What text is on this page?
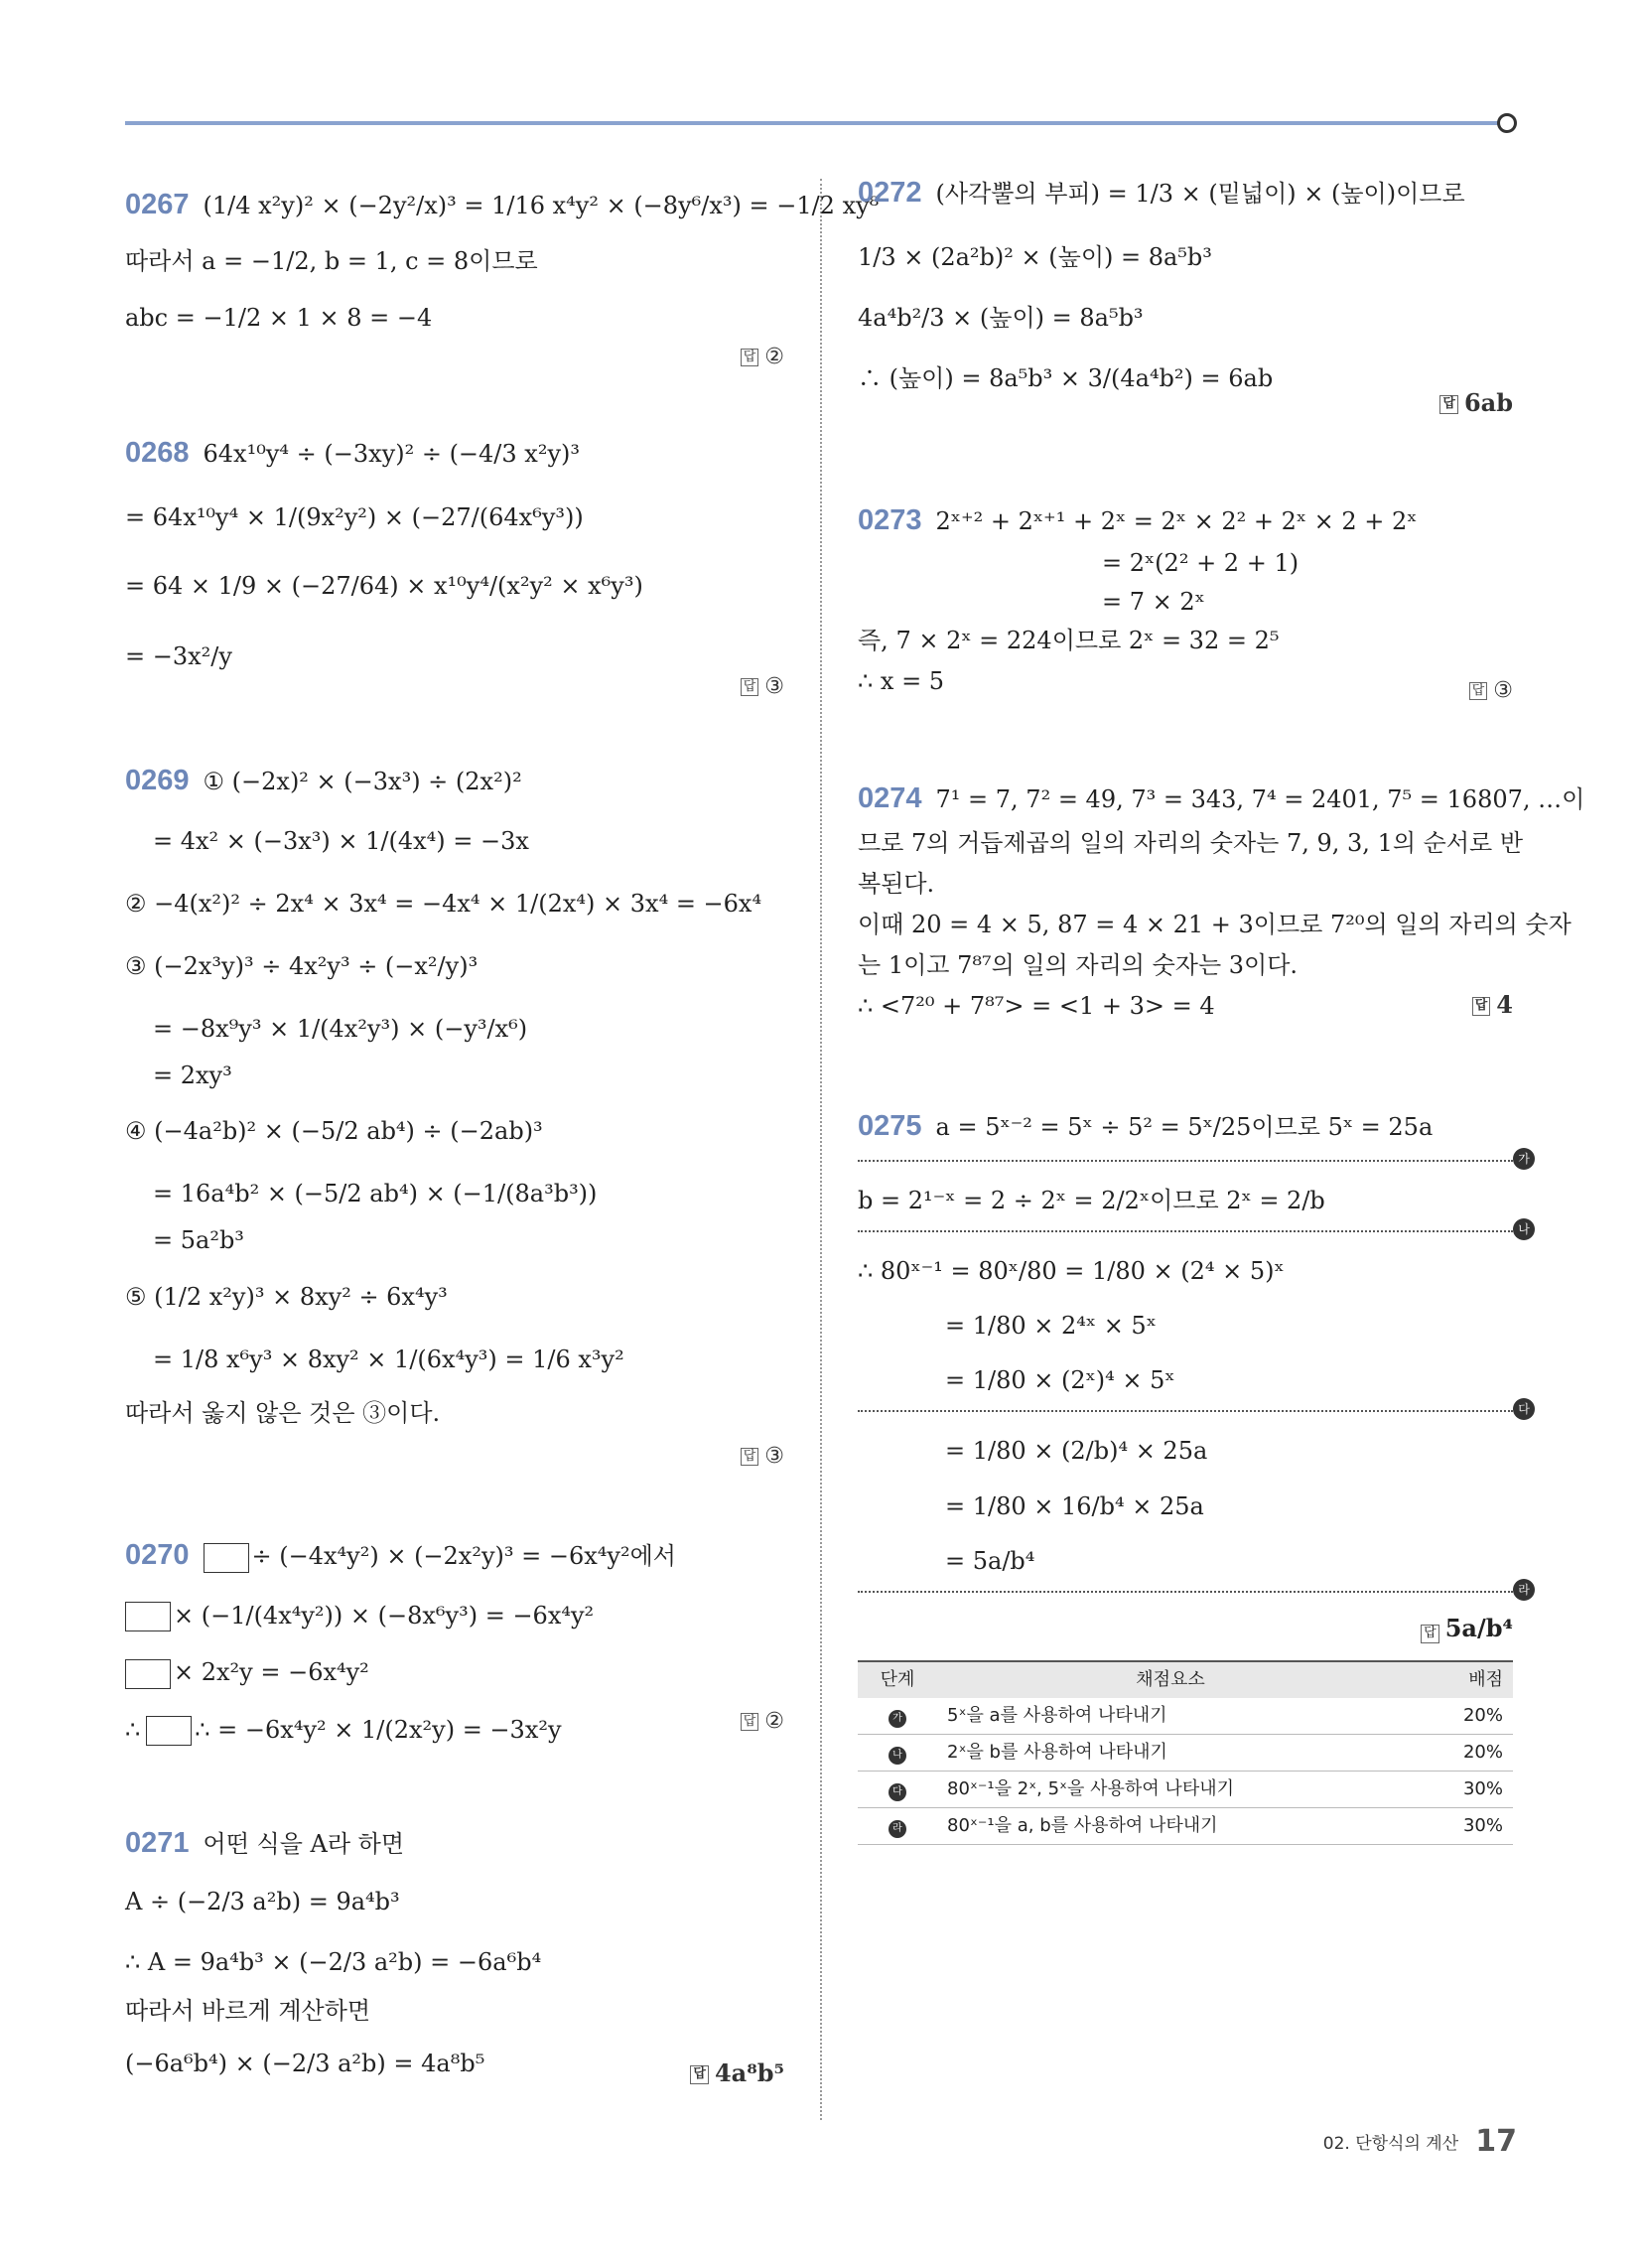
0267 (1/4 x²y)² × (−2y²/x)³ = 1/16 x⁴y² × (−8y⁶/x³) = −1/2 xy⁸
따라서 a = −1/2, b = 1, c = 8이므로
abc = −1/2 × 1 × 8 = −4
답 ②
0268 64x¹⁰y⁴ ÷ (−3xy)² ÷ (−4/3 x²y)³
= 64x¹⁰y⁴ × 1/(9x²y²) × (−27/(64x⁶y³))
= 64 × 1/9 × (−27/64) × x¹⁰y⁴/(x²y² × x⁶y³)
= −3x²/y
답 ③
0269 ① (−2x)² × (−3x³) ÷ (2x²)²
= 4x² × (−3x³) × 1/(4x⁴) = −3x
② −4(x²)² ÷ 2x⁴ × 3x⁴ = −4x⁴ × 1/(2x⁴) × 3x⁴ = −6x⁴
③ (−2x³y)³ ÷ 4x²y³ ÷ (−x²/y)³
= −8x⁹y³ × 1/(4x²y³) × (−y³/x⁶)
= 2xy³
④ (−4a²b)² × (−5/2 ab⁴) ÷ (−2ab)³
= 16a⁴b² × (−5/2 ab⁴) × (−1/(8a³b³))
= 5a²b³
⑤ (1/2 x²y)³ × 8xy² ÷ 6x⁴y³
= 1/8 x⁶y³ × 8xy² × 1/(6x⁴y³) = 1/6 x³y²
따라서 옳지 않은 것은 ③이다.
답 ③
0270	÷ (−4x⁴y²) × (−2x²y)³ = −6x⁴y²에서
× (−1/(4x⁴y²)) × (−8x⁶y³) = −6x⁴y²
× 2x²y = −6x⁴y²
∴ ∴ = −6x⁴y² × 1/(2x²y) = −3x²y	답 ②
0271 어떤 식을 A라 하면
A ÷ (−2/3 a²b) = 9a⁴b³
∴ A = 9a⁴b³ × (−2/3 a²b) = −6a⁶b⁴
따라서 바르게 계산하면
(−6a⁶b⁴) × (−2/3 a²b) = 4a⁸b⁵	답 4a⁸b⁵
0272 (사각뿔의 부피) = 1/3 × (밑넓이) × (높이)이므로
1/3 × (2a²b)² × (높이) = 8a⁵b³
4a⁴b²/3 × (높이) = 8a⁵b³
∴ (높이) = 8a⁵b³ × 3/(4a⁴b²) = 6ab
답 6ab
0273 2ˣ⁺² + 2ˣ⁺¹ + 2ˣ = 2ˣ × 2² + 2ˣ × 2 + 2ˣ
= 2ˣ(2² + 2 + 1)
= 7 × 2ˣ
즉, 7 × 2ˣ = 224이므로 2ˣ = 32 = 2⁵
∴ x = 5	답 ③
0274 7¹ = 7, 7² = 49, 7³ = 343, 7⁴ = 2401, 7⁵ = 16807, …이
므로 7의 거듭제곱의 일의 자리의 숫자는 7, 9, 3, 1의 순서로 반
복된다.
이때 20 = 4 × 5, 87 = 4 × 21 + 3이므로 7²⁰의 일의 자리의 숫자
는 1이고 7⁸⁷의 일의 자리의 숫자는 3이다.
∴ <7²⁰ + 7⁸⁷> = <1 + 3> = 4	답 4
0275 a = 5ˣ⁻² = 5ˣ ÷ 5² = 5ˣ/25이므로 5ˣ = 25a
가
b = 2¹⁻ˣ = 2 ÷ 2ˣ = 2/2ˣ이므로 2ˣ = 2/b
나
∴ 80ˣ⁻¹ = 80ˣ/80 = 1/80 × (2⁴ × 5)ˣ
= 1/80 × 2⁴ˣ × 5ˣ
= 1/80 × (2ˣ)⁴ × 5ˣ
다
= 1/80 × (2/b)⁴ × 25a
= 1/80 × 16/b⁴ × 25a
= 5a/b⁴
라
답 5a/b⁴
단계	채점요소	배점
가	5ˣ을 a를 사용하여 나타내기	20%
나	2ˣ을 b를 사용하여 나타내기	20%
다	80ˣ⁻¹을 2ˣ, 5ˣ을 사용하여 나타내기	30%
라	80ˣ⁻¹을 a, b를 사용하여 나타내기	30%
02. 단항식의 계산 17
